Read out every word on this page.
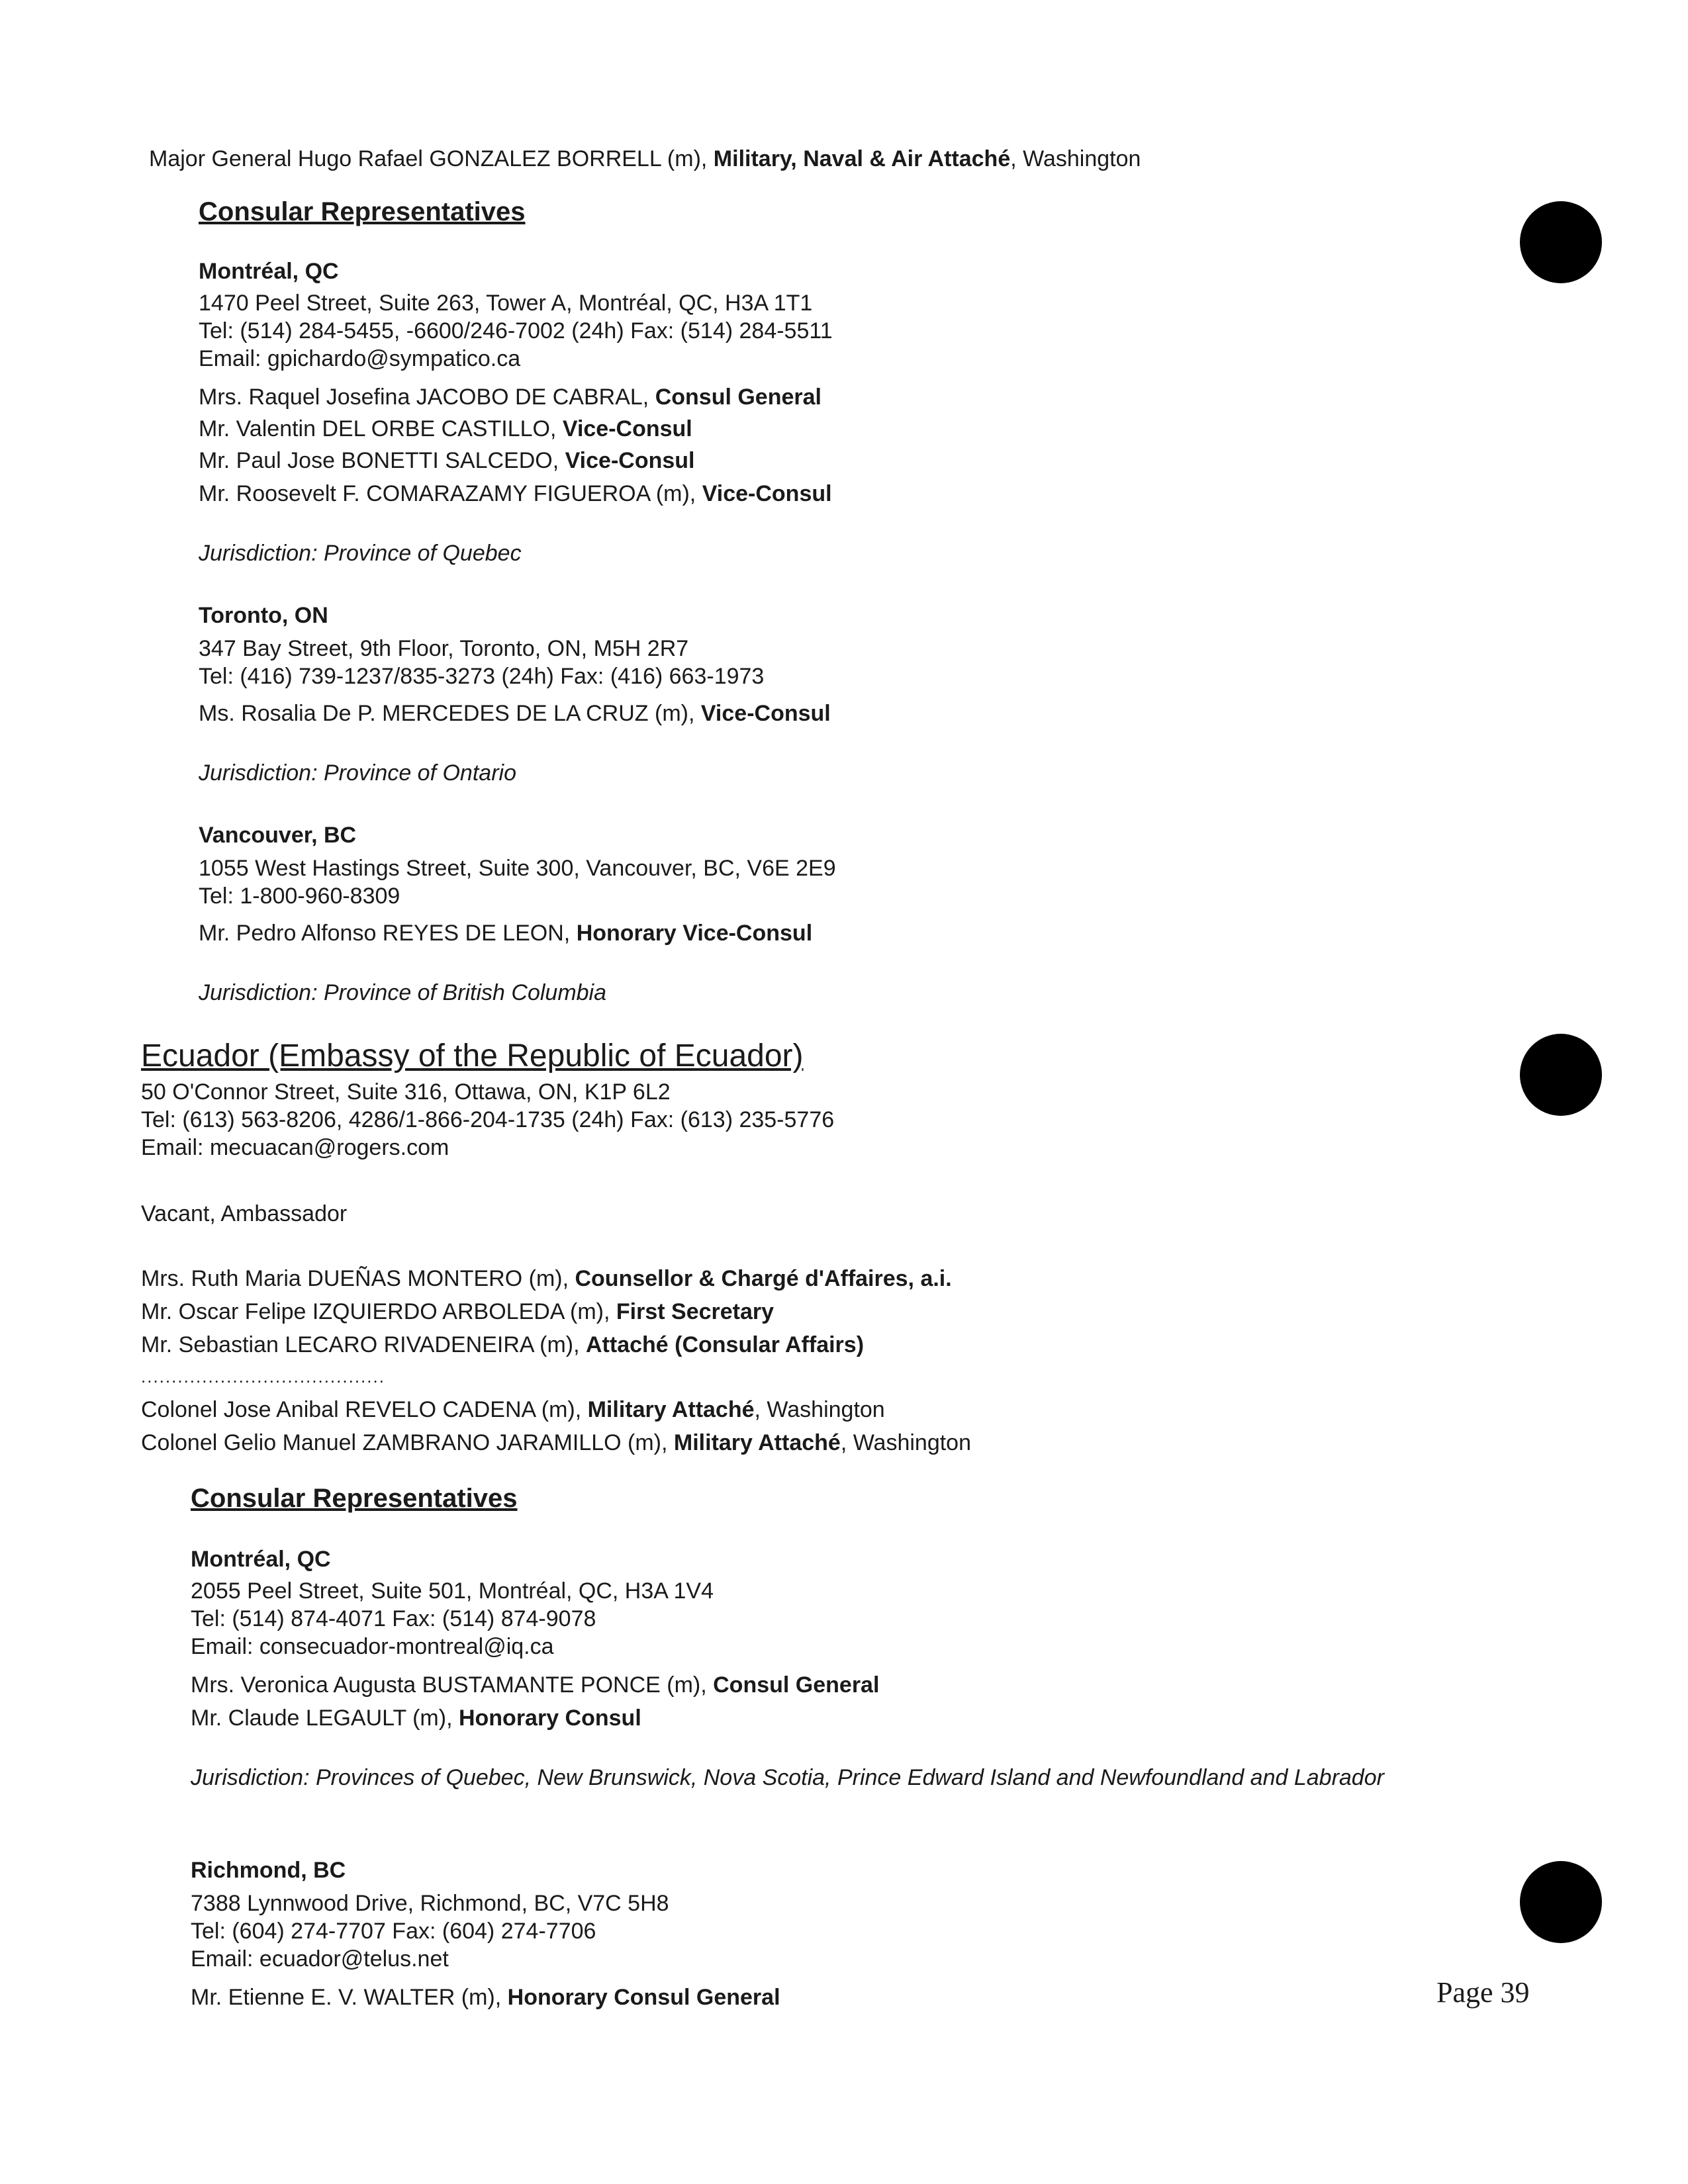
Major General Hugo Rafael GONZALEZ BORRELL (m), Military, Naval & Air Attaché, Washington
Consular Representatives
Montréal, QC
1470 Peel Street, Suite 263, Tower A, Montréal, QC, H3A 1T1
Tel: (514) 284-5455, -6600/246-7002 (24h) Fax: (514) 284-5511
Email: gpichardo@sympatico.ca
Mrs. Raquel Josefina JACOBO DE CABRAL, Consul General
Mr. Valentin DEL ORBE CASTILLO, Vice-Consul
Mr. Paul Jose BONETTI SALCEDO, Vice-Consul
Mr. Roosevelt F. COMARAZAMY FIGUEROA (m), Vice-Consul
Jurisdiction: Province of Quebec
Toronto, ON
347 Bay Street, 9th Floor, Toronto, ON, M5H 2R7
Tel: (416) 739-1237/835-3273 (24h) Fax: (416) 663-1973
Ms. Rosalia De P. MERCEDES DE LA CRUZ (m), Vice-Consul
Jurisdiction: Province of Ontario
Vancouver, BC
1055 West Hastings Street, Suite 300, Vancouver, BC, V6E 2E9
Tel: 1-800-960-8309
Mr. Pedro Alfonso REYES DE LEON, Honorary Vice-Consul
Jurisdiction: Province of British Columbia
Ecuador (Embassy of the Republic of Ecuador)
50 O'Connor Street, Suite 316, Ottawa, ON, K1P 6L2
Tel: (613) 563-8206, 4286/1-866-204-1735 (24h) Fax: (613) 235-5776
Email: mecuacan@rogers.com
Vacant, Ambassador
Mrs. Ruth Maria DUEÑAS MONTERO (m), Counsellor & Chargé d'Affaires, a.i.
Mr. Oscar Felipe IZQUIERDO ARBOLEDA (m), First Secretary
Mr. Sebastian LECARO RIVADENEIRA (m), Attaché (Consular Affairs)
........................................
Colonel Jose Anibal REVELO CADENA (m), Military Attaché, Washington
Colonel Gelio Manuel ZAMBRANO JARAMILLO (m), Military Attaché, Washington
Consular Representatives
Montréal, QC
2055 Peel Street, Suite 501, Montréal, QC, H3A 1V4
Tel: (514) 874-4071 Fax: (514) 874-9078
Email: consecuador-montreal@iq.ca
Mrs. Veronica Augusta BUSTAMANTE PONCE (m), Consul General
Mr. Claude LEGAULT (m), Honorary Consul
Jurisdiction: Provinces of Quebec, New Brunswick, Nova Scotia, Prince Edward Island and Newfoundland and Labrador
Richmond, BC
7388 Lynnwood Drive, Richmond, BC, V7C 5H8
Tel: (604) 274-7707 Fax: (604) 274-7706
Email: ecuador@telus.net
Mr. Etienne E. V. WALTER (m), Honorary Consul General	Page 39
